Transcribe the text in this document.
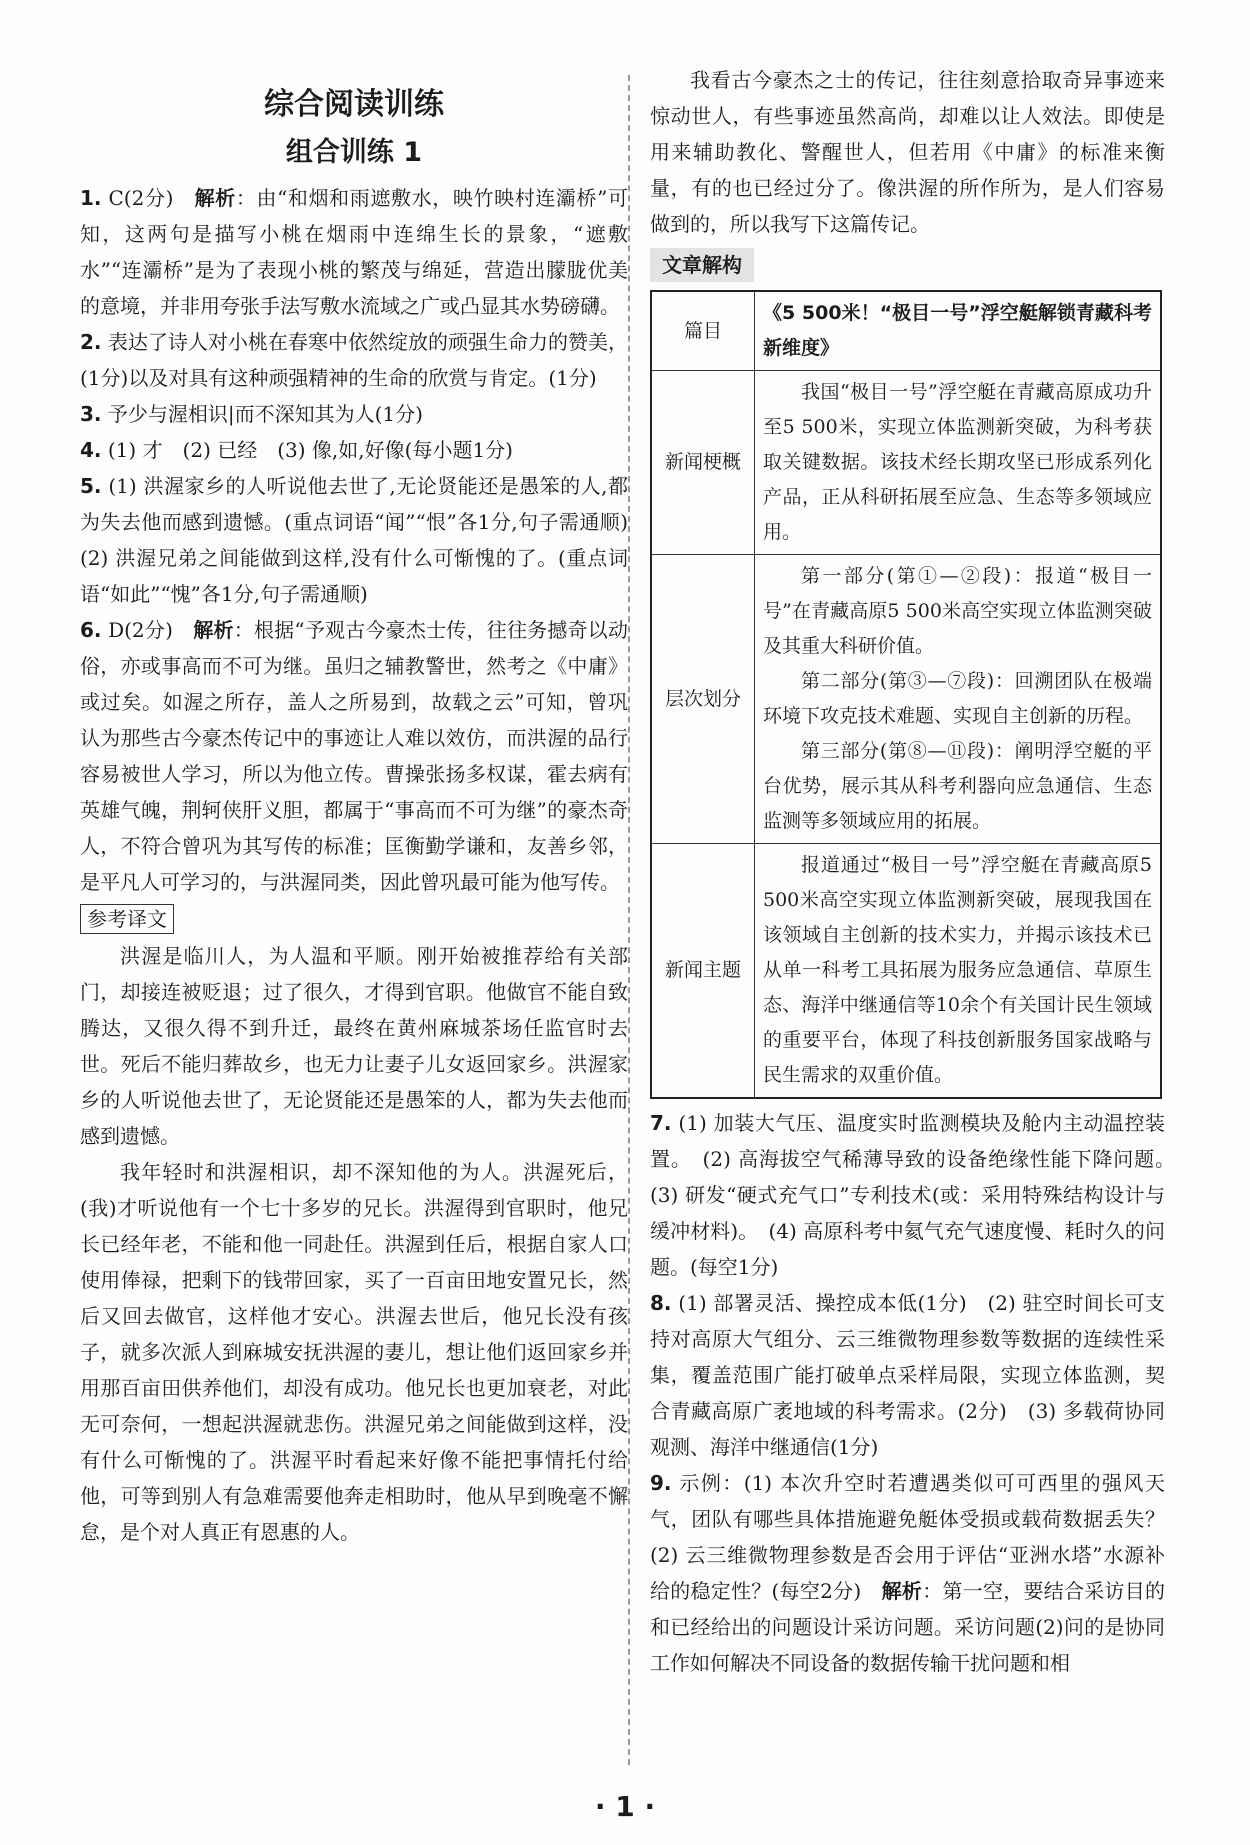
综合阅读训练
组合训练 1

1. C(2分)　解析：由“和烟和雨遮敷水，映竹映村连灞桥”可知，这两句是描写小桃在烟雨中连绵生长的景象，“遮敷水”“连灞桥”是为了表现小桃的繁茂与绵延，营造出朦胧优美的意境，并非用夸张手法写敷水流域之广或凸显其水势磅礴。

2. 表达了诗人对小桃在春寒中依然绽放的顽强生命力的赞美，(1分)以及对具有这种顽强精神的生命的欣赏与肯定。(1分)

3. 予少与渥相识|而不深知其为人(1分)

4. (1) 才　(2) 已经　(3) 像,如,好像(每小题1分)

5. (1) 洪渥家乡的人听说他去世了,无论贤能还是愚笨的人,都为失去他而感到遗憾。(重点词语“闻”“恨”各1分,句子需通顺)　(2) 洪渥兄弟之间能做到这样,没有什么可惭愧的了。(重点词语“如此”“愧”各1分,句子需通顺)

6. D(2分)　解析：根据“予观古今豪杰士传，往往务撼奇以动俗，亦或事高而不可为继。虽归之辅教警世，然考之《中庸》或过矣。如渥之所存，盖人之所易到，故载之云”可知，曾巩认为那些古今豪杰传记中的事迹让人难以效仿，而洪渥的品行容易被世人学习，所以为他立传。曹操张扬多权谋，霍去病有英雄气魄，荆轲侠肝义胆，都属于“事高而不可为继”的豪杰奇人，不符合曾巩为其写传的标准；匡衡勤学谦和，友善乡邻，是平凡人可学习的，与洪渥同类，因此曾巩最可能为他写传。

参考译文

洪渥是临川人，为人温和平顺。刚开始被推荐给有关部门，却接连被贬退；过了很久，才得到官职。他做官不能自致腾达，又很久得不到升迁，最终在黄州麻城茶场任监官时去世。死后不能归葬故乡，也无力让妻子儿女返回家乡。洪渥家乡的人听说他去世了，无论贤能还是愚笨的人，都为失去他而感到遗憾。

我年轻时和洪渥相识，却不深知他的为人。洪渥死后，(我)才听说他有一个七十多岁的兄长。洪渥得到官职时，他兄长已经年老，不能和他一同赴任。洪渥到任后，根据自家人口使用俸禄，把剩下的钱带回家，买了一百亩田地安置兄长，然后又回去做官，这样他才安心。洪渥去世后，他兄长没有孩子，就多次派人到麻城安抚洪渥的妻儿，想让他们返回家乡并用那百亩田供养他们，却没有成功。他兄长也更加衰老，对此无可奈何，一想起洪渥就悲伤。洪渥兄弟之间能做到这样，没有什么可惭愧的了。洪渥平时看起来好像不能把事情托付给他，可等到别人有急难需要他奔走相助时，他从早到晚毫不懈怠，是个对人真正有恩惠的人。

我看古今豪杰之士的传记，往往刻意拾取奇异事迹来惊动世人，有些事迹虽然高尚，却难以让人效法。即使是用来辅助教化、警醒世人，但若用《中庸》的标准来衡量，有的也已经过分了。像洪渥的所作所为，是人们容易做到的，所以我写下这篇传记。

文章解构
篇目	《5 500米！“极目一号”浮空艇解锁青藏科考新维度》
新闻梗概	我国“极目一号”浮空艇在青藏高原成功升至5 500米，实现立体监测新突破，为科考获取关键数据。该技术经长期攻坚已形成系列化产品，正从科研拓展至应急、生态等多领域应用。

层次划分	第一部分(第①—②段)：报道“极目一号”在青藏高原5 500米高空实现立体监测突破及其重大科研价值。

第二部分(第③—⑦段)：回溯团队在极端环境下攻克技术难题、实现自主创新的历程。

第三部分(第⑧—⑪段)：阐明浮空艇的平台优势，展示其从科考利器向应急通信、生态监测等多领域应用的拓展。

新闻主题	报道通过“极目一号”浮空艇在青藏高原5 500米高空实现立体监测新突破，展现我国在该领域自主创新的技术实力，并揭示该技术已从单一科考工具拓展为服务应急通信、草原生态、海洋中继通信等10余个有关国计民生领域的重要平台，体现了科技创新服务国家战略与民生需求的双重价值。

7. (1) 加装大气压、温度实时监测模块及舱内主动温控装置。　(2) 高海拔空气稀薄导致的设备绝缘性能下降问题。　(3) 研发“硬式充气口”专利技术(或：采用特殊结构设计与缓冲材料)。　(4) 高原科考中氦气充气速度慢、耗时久的问题。(每空1分)

8. (1) 部署灵活、操控成本低(1分)　(2) 驻空时间长可支持对高原大气组分、云三维微物理参数等数据的连续性采集，覆盖范围广能打破单点采样局限，实现立体监测，契合青藏高原广袤地域的科考需求。(2分)　(3) 多载荷协同观测、海洋中继通信(1分)

9. 示例：(1) 本次升空时若遭遇类似可可西里的强风天气，团队有哪些具体措施避免艇体受损或载荷数据丢失？(2) 云三维微物理参数是否会用于评估“亚洲水塔”水源补给的稳定性？(每空2分)　解析：第一空，要结合采访目的和已经给出的问题设计采访问题。采访问题(2)问的是协同工作如何解决不同设备的数据传输干扰问题和相

· 1 ·
